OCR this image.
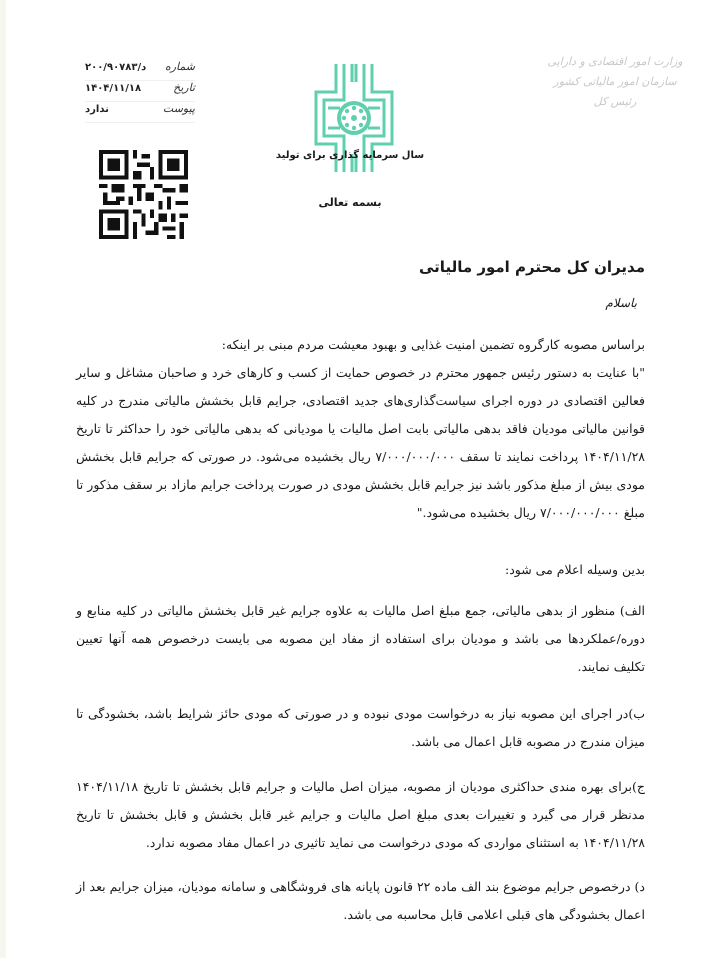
وزارت امور اقتصادی و دارایی
سازمان امور مالیاتی کشور
رئیس کل
شماره
د/۲۰۰/۹۰۷۸۳
تاریخ
۱۴۰۴/۱۱/۱۸
پیوست
ندارد
سال سرمایه گذاری برای تولید
بسمه تعالی
مدیران کل محترم امور مالیاتی
باسلام

براساس مصوبه کارگروه تضمین امنیت غذایی و بهبود معیشت مردم مبنی بر اینکه:

"با عنایت به دستور رئیس جمهور محترم در خصوص حمایت از کسب و کارهای خرد و صاحبان مشاغل و سایر فعالین اقتصادی در دوره اجرای سیاست‌گذاری‌های جدید اقتصادی، جرایم قابل بخشش مالیاتی مندرج در کلیه قوانین مالیاتی مودیان فاقد بدهی مالیاتی بابت اصل مالیات یا مودیانی که بدهی مالیاتی خود را حداکثر تا تاریخ ۱۴۰۴/۱۱/۲۸ پرداخت نمایند تا سقف ۷/۰۰۰/۰۰۰/۰۰۰ ریال بخشیده می‌شود. در صورتی که جرایم قابل بخشش مودی بیش از مبلغ مذکور باشد نیز جرایم قابل بخشش مودی در صورت پرداخت جرایم مازاد بر سقف مذکور تا مبلغ ۷/۰۰۰/۰۰۰/۰۰۰ ریال بخشیده می‌شود."

بدین وسیله اعلام می شود:

الف) منظور از بدهی مالیاتی، جمع مبلغ اصل مالیات به علاوه جرایم غیر قابل بخشش مالیاتی در کلیه منابع و دوره/عملکردها می باشد و مودیان برای استفاده از مفاد این مصوبه می بایست درخصوص همه آنها تعیین تکلیف نمایند.

ب)در اجرای این مصوبه نیاز به درخواست مودی نبوده و در صورتی که مودی حائز شرایط باشد، بخشودگی تا میزان مندرج در مصوبه قابل اعمال می باشد.

ج)برای بهره مندی حداکثری مودیان از مصوبه، میزان اصل مالیات و جرایم قابل بخشش تا تاریخ ۱۴۰۴/۱۱/۱۸ مدنظر قرار می گیرد و تغییرات بعدی مبلغ اصل مالیات و جرایم غیر قابل بخشش و قابل بخشش تا تاریخ ۱۴۰۴/۱۱/۲۸ به استثنای مواردی که مودی درخواست می نماید تاثیری در اعمال مفاد مصوبه ندارد.

د) درخصوص جرایم موضوع بند الف ماده ۲۲ قانون پایانه های فروشگاهی و سامانه مودیان، میزان جرایم بعد از اعمال بخشودگی های قبلی اعلامی قابل محاسبه می باشد.
